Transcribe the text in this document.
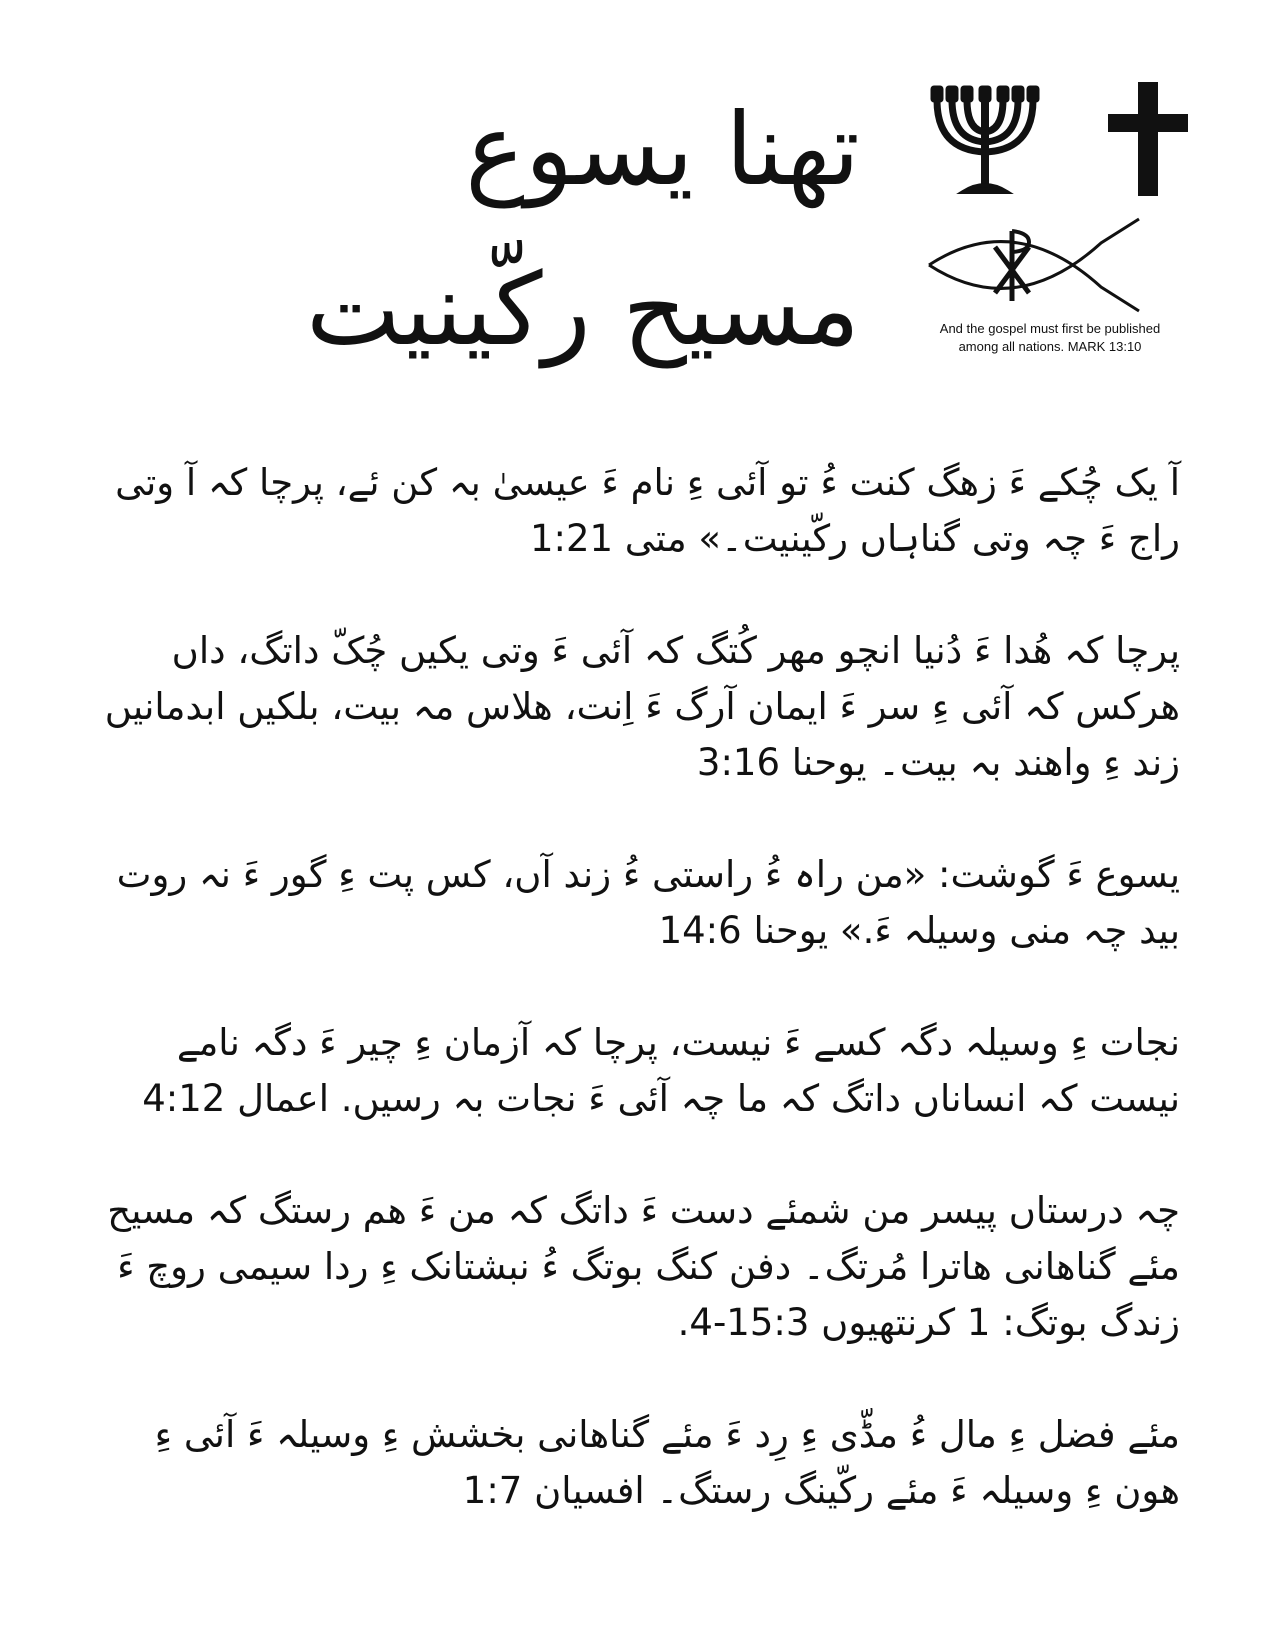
تھنا یسوع
مسیح رکّینیت	And the gospel must first be published
among all nations. MARK 13:10

آ یک چُکے ءَ زھگ کنت ءُ تو آئی ءِ نام ءَ عیسیٰ بہ کن ئے، پرچا کہ آ وتی راج ءَ چہ وتی گناہاں رکّینیت۔» متی 1:21

پرچا کہ ھُدا ءَ دُنیا انچو مھر کُتگ کہ آئی ءَ وتی یکیں چُکّ داتگ، داں ھرکس کہ آئی ءِ سر ءَ ایمان آرگ ءَ اِنت، ھلاس مہ بیت، بلکیں ابدمانیں زند ءِ واھند بہ بیت۔ یوحنا 3:16

یسوع ءَ گوشت: «من راہ ءُ راستی ءُ زند آں، کس پت ءِ گور ءَ نہ روت بید چہ منی وسیلہ ءَ.» یوحنا 14:6

نجات ءِ وسیلہ دگہ کسے ءَ نیست، پرچا کہ آزمان ءِ چیر ءَ دگہ نامے نیست کہ انساناں داتگ کہ ما چہ آئی ءَ نجات بہ رسیں. اعمال 4:12

چہ درستاں پیسر من شمئے دست ءَ داتگ کہ من ءَ ھم رستگ کہ مسیح مئے گناھانی ھاترا مُرتگ۔ دفن کنگ بوتگ ءُ نبشتانک ءِ ردا سیمی روچ ءَ زندگ بوتگ: 1 کرنتھیوں 15:3-4.

مئے فضل ءِ مال ءُ مڈّی ءِ رِد ءَ مئے گناھانی بخشش ءِ وسیلہ ءَ آئی ءِ ھون ءِ وسیلہ ءَ مئے رکّینگ رستگ۔ افسیان 1:7
